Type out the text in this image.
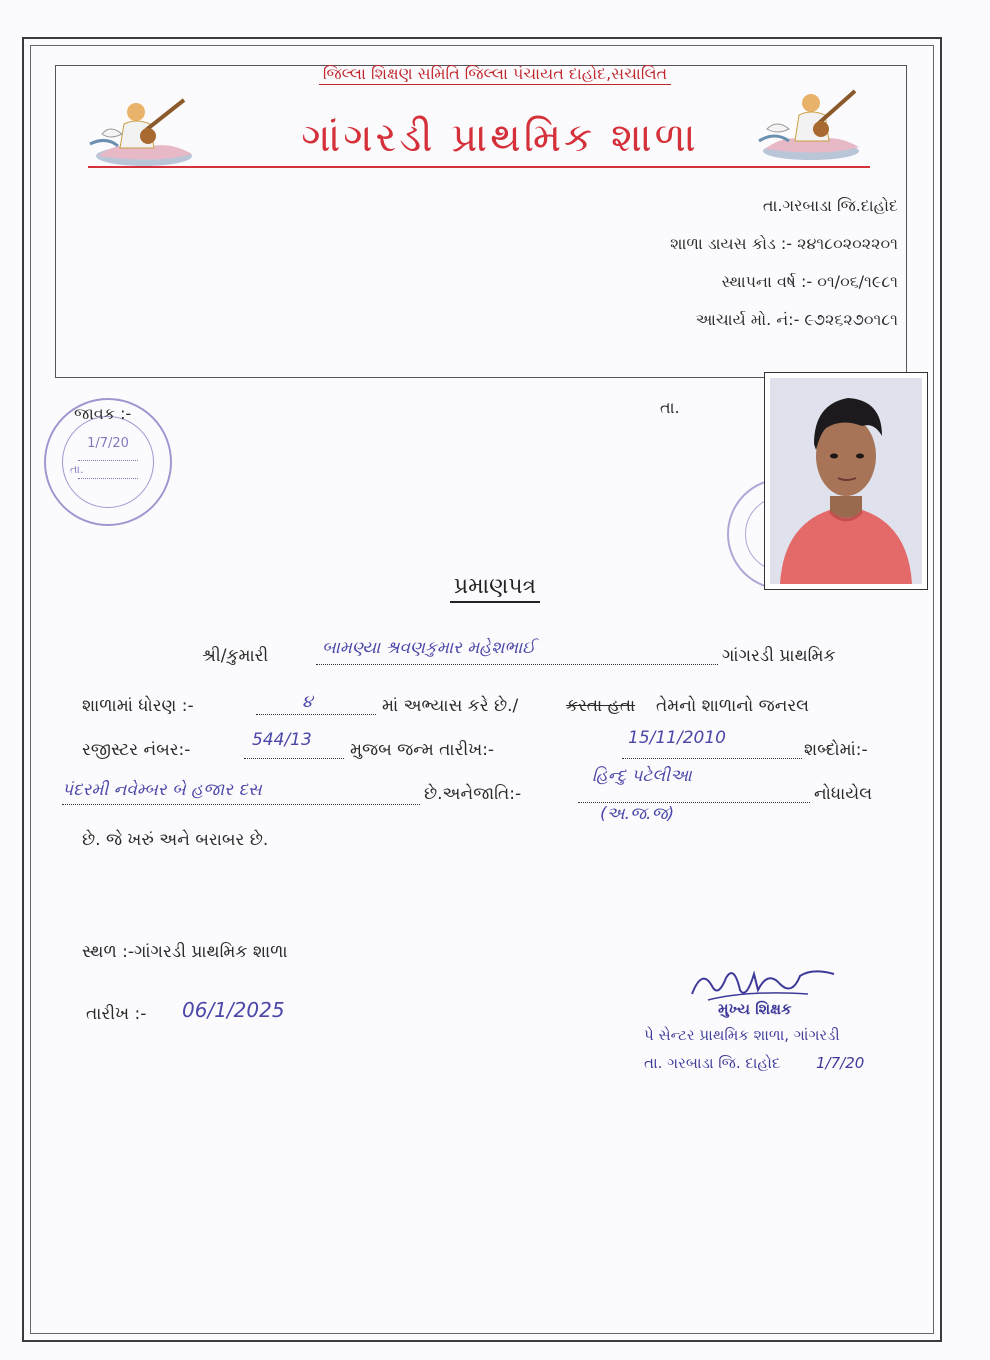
જિલ્લા શિક્ષણ સમિતિ જિલ્લા પંચાયત દાહોદ,સચાલિત
ગાંગરડી પ્રાથમિક શાળા
તા.ગરબાડા જિ.દાહોદ
શાળા ડાયસ કોડ :- ૨૪૧૮૦૨૦૨૨૦૧
સ્થાપના વર્ષ :- ૦૧/૦૬/૧૯૮૧
આચાર્ય મો. નં:- ૯૭૨૬૨૭૦૧૮૧
1/7/20
તા.
જાવક :-	તા.
પ્રમાણપત્ર
શ્રી/કુમારી	બામણ્યા શ્રવણકુમાર મહેશભાઈ	ગાંગરડી પ્રાથમિક
શાળામાં ધોરણ :-	૪	માં અભ્યાસ કરે છે./	કરતા હતા તેમનો શાળાનો જનરલ
રજીસ્ટર નંબર:-	544/13 મુજબ જન્મ તારીખ:-
15/11/2010
શબ્દોમાં:-
પંદરમી નવેમ્બર બે હજાર દસ	છે.અનેજાતિ:-
હિન્દુ પટેલીઆ
(અ.જ.જ)
નોધાયેલ
છે. જે ખરું અને બરાબર છે.
સ્થળ :-ગાંગરડી પ્રાથમિક શાળા
તારીખ :- 06/1/2025	મુખ્ય શિક્ષક
પે સેન્ટર પ્રાથમિક શાળા, ગાંગરડી
તા. ગરબાડા જિ. દાહોદ 1/7/20
